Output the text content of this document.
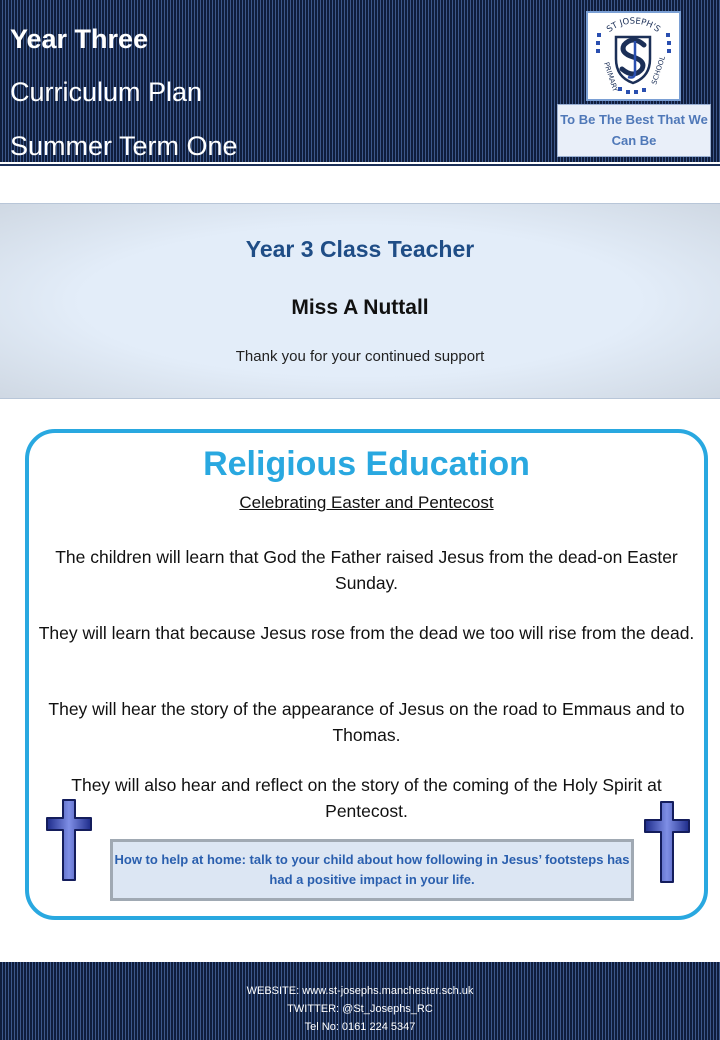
Year Three
Curriculum Plan
Summer Term One
ST JOSEPH'S
PRIMARY	SCHOOL
To Be The Best That We Can Be
Year 3 Class Teacher
Miss A Nuttall
Thank you for your continued support
Religious Education
Celebrating Easter and Pentecost
The children will learn that God the Father raised Jesus from the dead-on Easter Sunday.
They will learn that because Jesus rose from the dead we too will rise from the dead.
They will hear the story of the appearance of Jesus on the road to Emmaus and to Thomas.
They will also hear and reflect on the story of the coming of the Holy Spirit at Pentecost.
How to help at home: talk to your child about how following in Jesus’ footsteps has had a positive impact in your life.
WEBSITE: www.st-josephs.manchester.sch.uk
TWITTER: @St_Josephs_RC
Tel No: 0161 224 5347
